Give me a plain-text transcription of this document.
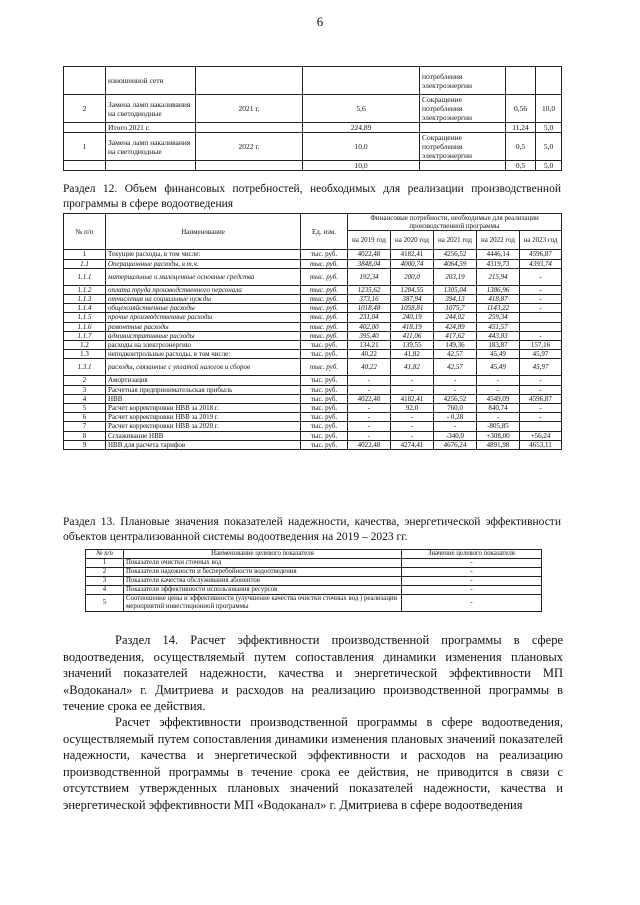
6
	изношенной сети			потребления электроэнергии		
2	Замена ламп накаливания на светодиодные	2021 г.	5,6	Сокращение потребления электроэнергии	0,56	10,0
	Итого 2021 г.		224,89		11,24	5,0
1	Замена ламп накаливания на светодиодные	2022 г.	10,0	Сокращение потребления электроэнергии	0,5	5,0
			10,0		0,5	5,0
Раздел 12. Объем финансовых потребностей, необходимых для реализации производственной программы в сфере водоотведения
№ п/п	Наименование	Ед. изм.	Финансовые потребности, необходимые для реализации производственной программы				
			на 2019 год	на 2020 год	на 2021 год	на 2022 год	на 2023 год
1	Текущие расходы, в том числе:	тыс. руб.	4022,48	4182,41	4256,52	4446,14	4596,87
1.1	Операционные расходы, в т.ч.	тыс. руб.	3848,04	4000,74	4064,59	4319,73	4393,74
1.1.1	материальные и малоценные основные средства	тыс. руб.	192,34	200,0	203,19	215,94	-
1.1.2	оплата труда производственного персонала	тыс. руб.	1235,62	1284,55	1305,04	1386,96	-
1.1.3	отчисления на социальные нужды	тыс. руб.	373,16	387,94	394,13	418,87	-
1.1.4	общехозяйственные расходы	тыс. руб.	1018,48	1058,81	1075,7	1143,22	-
1.1.5	прочие производственные расходы	тыс. руб.	231,04	240,19	244,02	259,34	
1.1.6	ремонтные расходы	тыс. руб.	402,00	418,19	424,89	451,57	
1.1.7	административные расходы	тыс. руб.	395,40	411,06	417,62	443,83	-
1.2	расходы на электроэнергию	тыс. руб.	134,21	139,55	149,36	183,87	157,16
1.3	неподконтрольные расходы, в том числе:	тыс. руб.	40,22	41,82	42,57	45,49	45,97
1.3.1	расходы, связанные с уплатой налогов и сборов	тыс. руб.	40,22	41,82	42,57	45,49	45,97
2	Амортизация	тыс. руб.	-	-	-	-	-
3	Расчетная предпринимательская прибыль	тыс. руб.	-	-	-	-	-
4	НВВ	тыс. руб.	4022,48	4182,41	4256,52	4549,09	4596,87
5	Расчет корректировки НВВ за 2018 г.	тыс. руб.	-	92,0	760,0	840,74	-
6	Расчет корректировки НВВ за 2019 г.	тыс. руб.	-	-	- 0,28	-	-
7	Расчет корректировки НВВ за 2020 г.	тыс. руб.	-	-	-	-805,85	
8	Сглаживание НВВ	тыс. руб.	-	-	-340,0	+308,00	+56,24
9	НВВ для расчета тарифов	тыс. руб.	4022,48	4274,41	4676,24	4891,98	4653,11
Раздел 13. Плановые значения показателей надежности, качества, энергетической эффективности объектов централизованной системы водоотведения на 2019 – 2023 гг.
№ п/п	Наименование целевого показателя	Значение целевого показателя
1	Показатели очистки сточных вод	-
2	Показатели надежности и бесперебойности водоотведения	-
3	Показатели качества обслуживания абонентов	-
4	Показатели эффективности использования ресурсов	-
5	Соотношение цены и эффективности (улучшение качества очистки сточных вод ) реализации мероприятий инвестиционной программы	-
Раздел 14. Расчет эффективности производственной программы в сфере водоотведения, осуществляемый путем сопоставления динамики изменения плановых значений показателей надежности, качества и энергетической эффективности МП «Водоканал» г. Дмитриева и расходов на реализацию производственной программы в течение срока ее действия.
Расчет эффективности производственной программы в сфере водоотведения, осуществляемый путем сопоставления динамики изменения плановых значений показателей надежности, качества и энергетической эффективности и расходов на реализацию производственной программы в течение срока ее действия, не приводится в связи с отсутствием утвержденных плановых значений показателей надежности, качества и энергетической эффективности МП «Водоканал» г. Дмитриева в сфере водоотведения
